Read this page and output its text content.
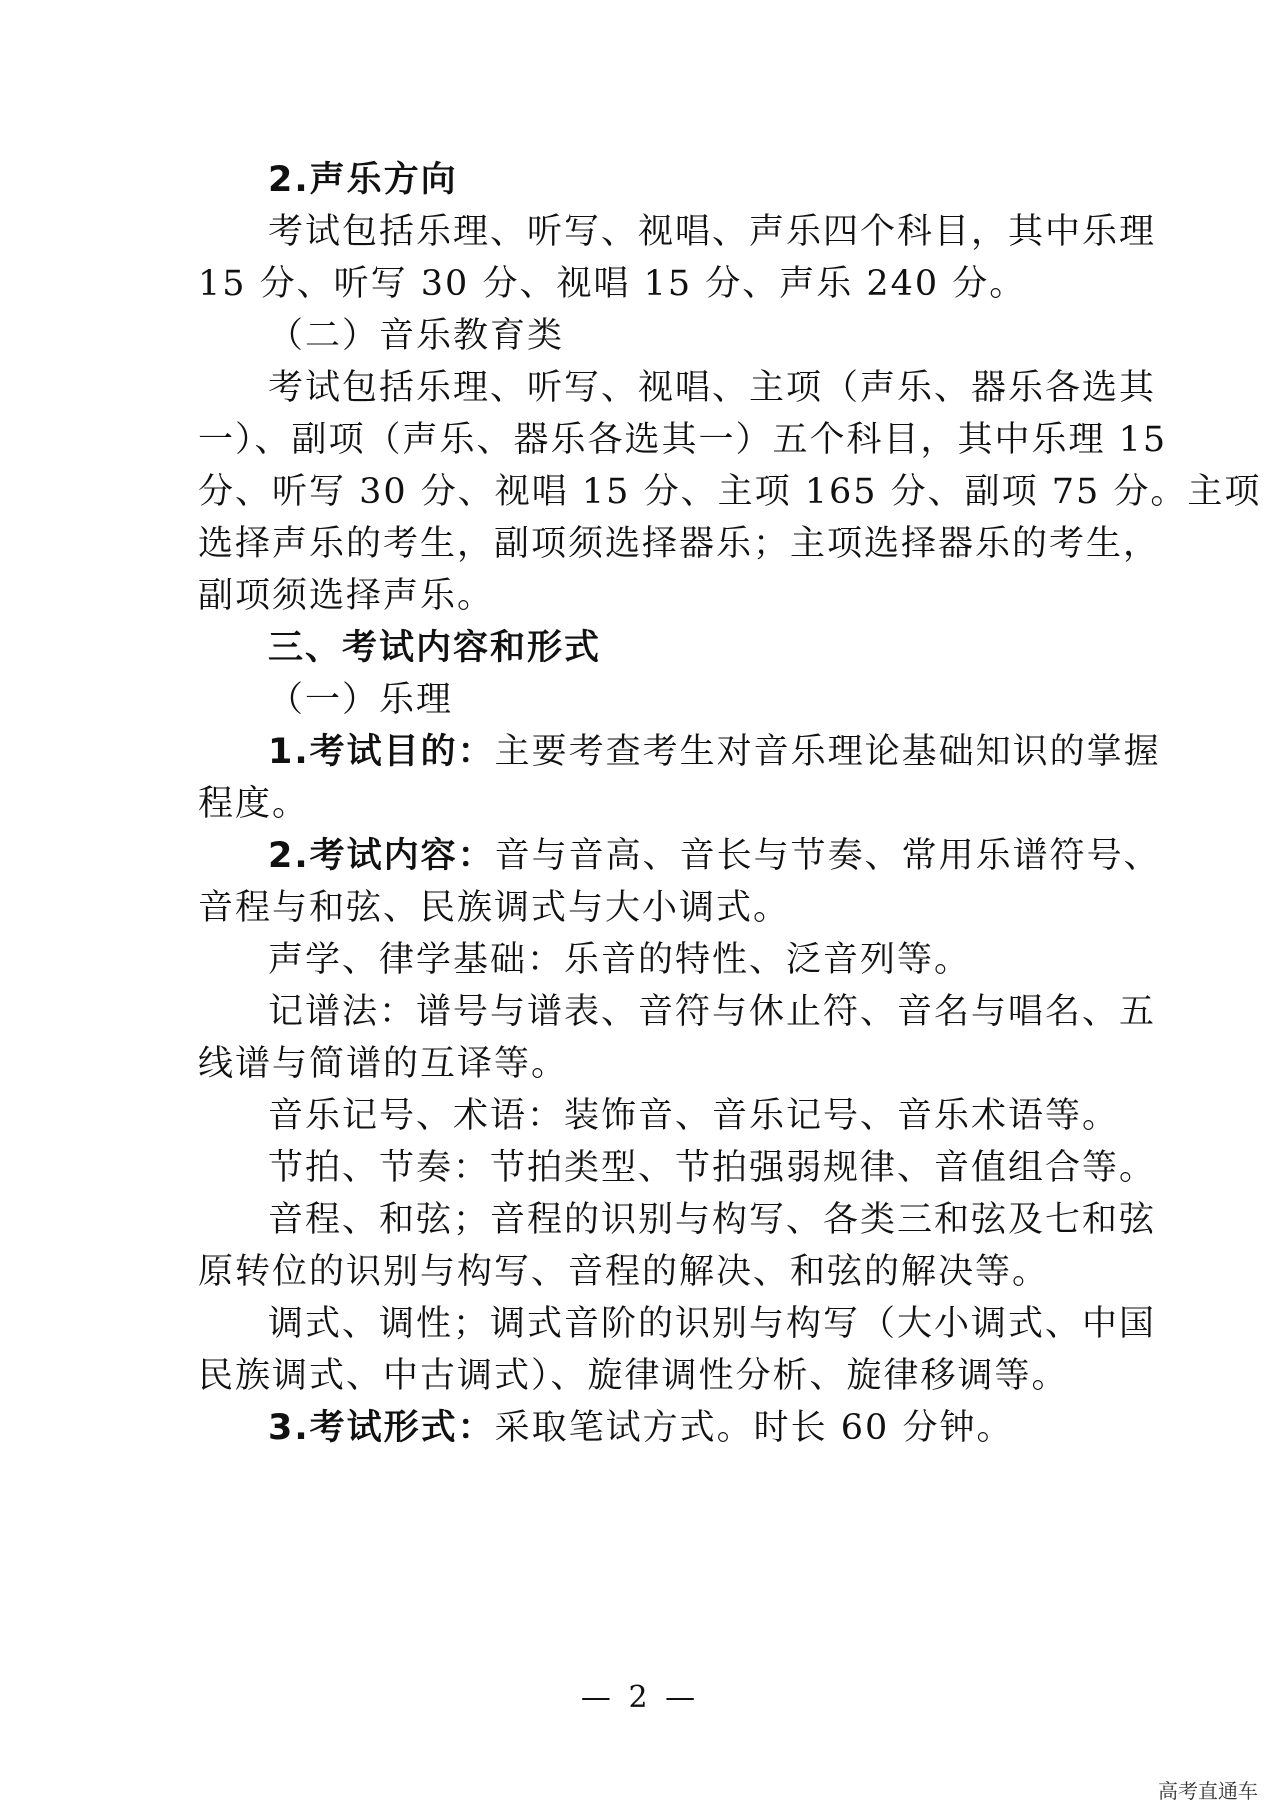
2.声乐方向
考试包括乐理、听写、视唱、声乐四个科目，其中乐理
15 分、听写 30 分、视唱 15 分、声乐 240 分。
（二）音乐教育类
考试包括乐理、听写、视唱、主项（声乐、器乐各选其
一）、副项（声乐、器乐各选其一）五个科目，其中乐理 15
分、听写 30 分、视唱 15 分、主项 165 分、副项 75 分。主项
选择声乐的考生，副项须选择器乐；主项选择器乐的考生，
副项须选择声乐。
三、考试内容和形式
（一）乐理
1.考试目的：主要考查考生对音乐理论基础知识的掌握
程度。
2.考试内容：音与音高、音长与节奏、常用乐谱符号、
音程与和弦、民族调式与大小调式。
声学、律学基础：乐音的特性、泛音列等。
记谱法：谱号与谱表、音符与休止符、音名与唱名、五
线谱与简谱的互译等。
音乐记号、术语：装饰音、音乐记号、音乐术语等。
节拍、节奏：节拍类型、节拍强弱规律、音值组合等。
音程、和弦；音程的识别与构写、各类三和弦及七和弦
原转位的识别与构写、音程的解决、和弦的解决等。
调式、调性；调式音阶的识别与构写（大小调式、中国
民族调式、中古调式）、旋律调性分析、旋律移调等。
3.考试形式：采取笔试方式。时长 60 分钟。
— 2 —
高考直通车
